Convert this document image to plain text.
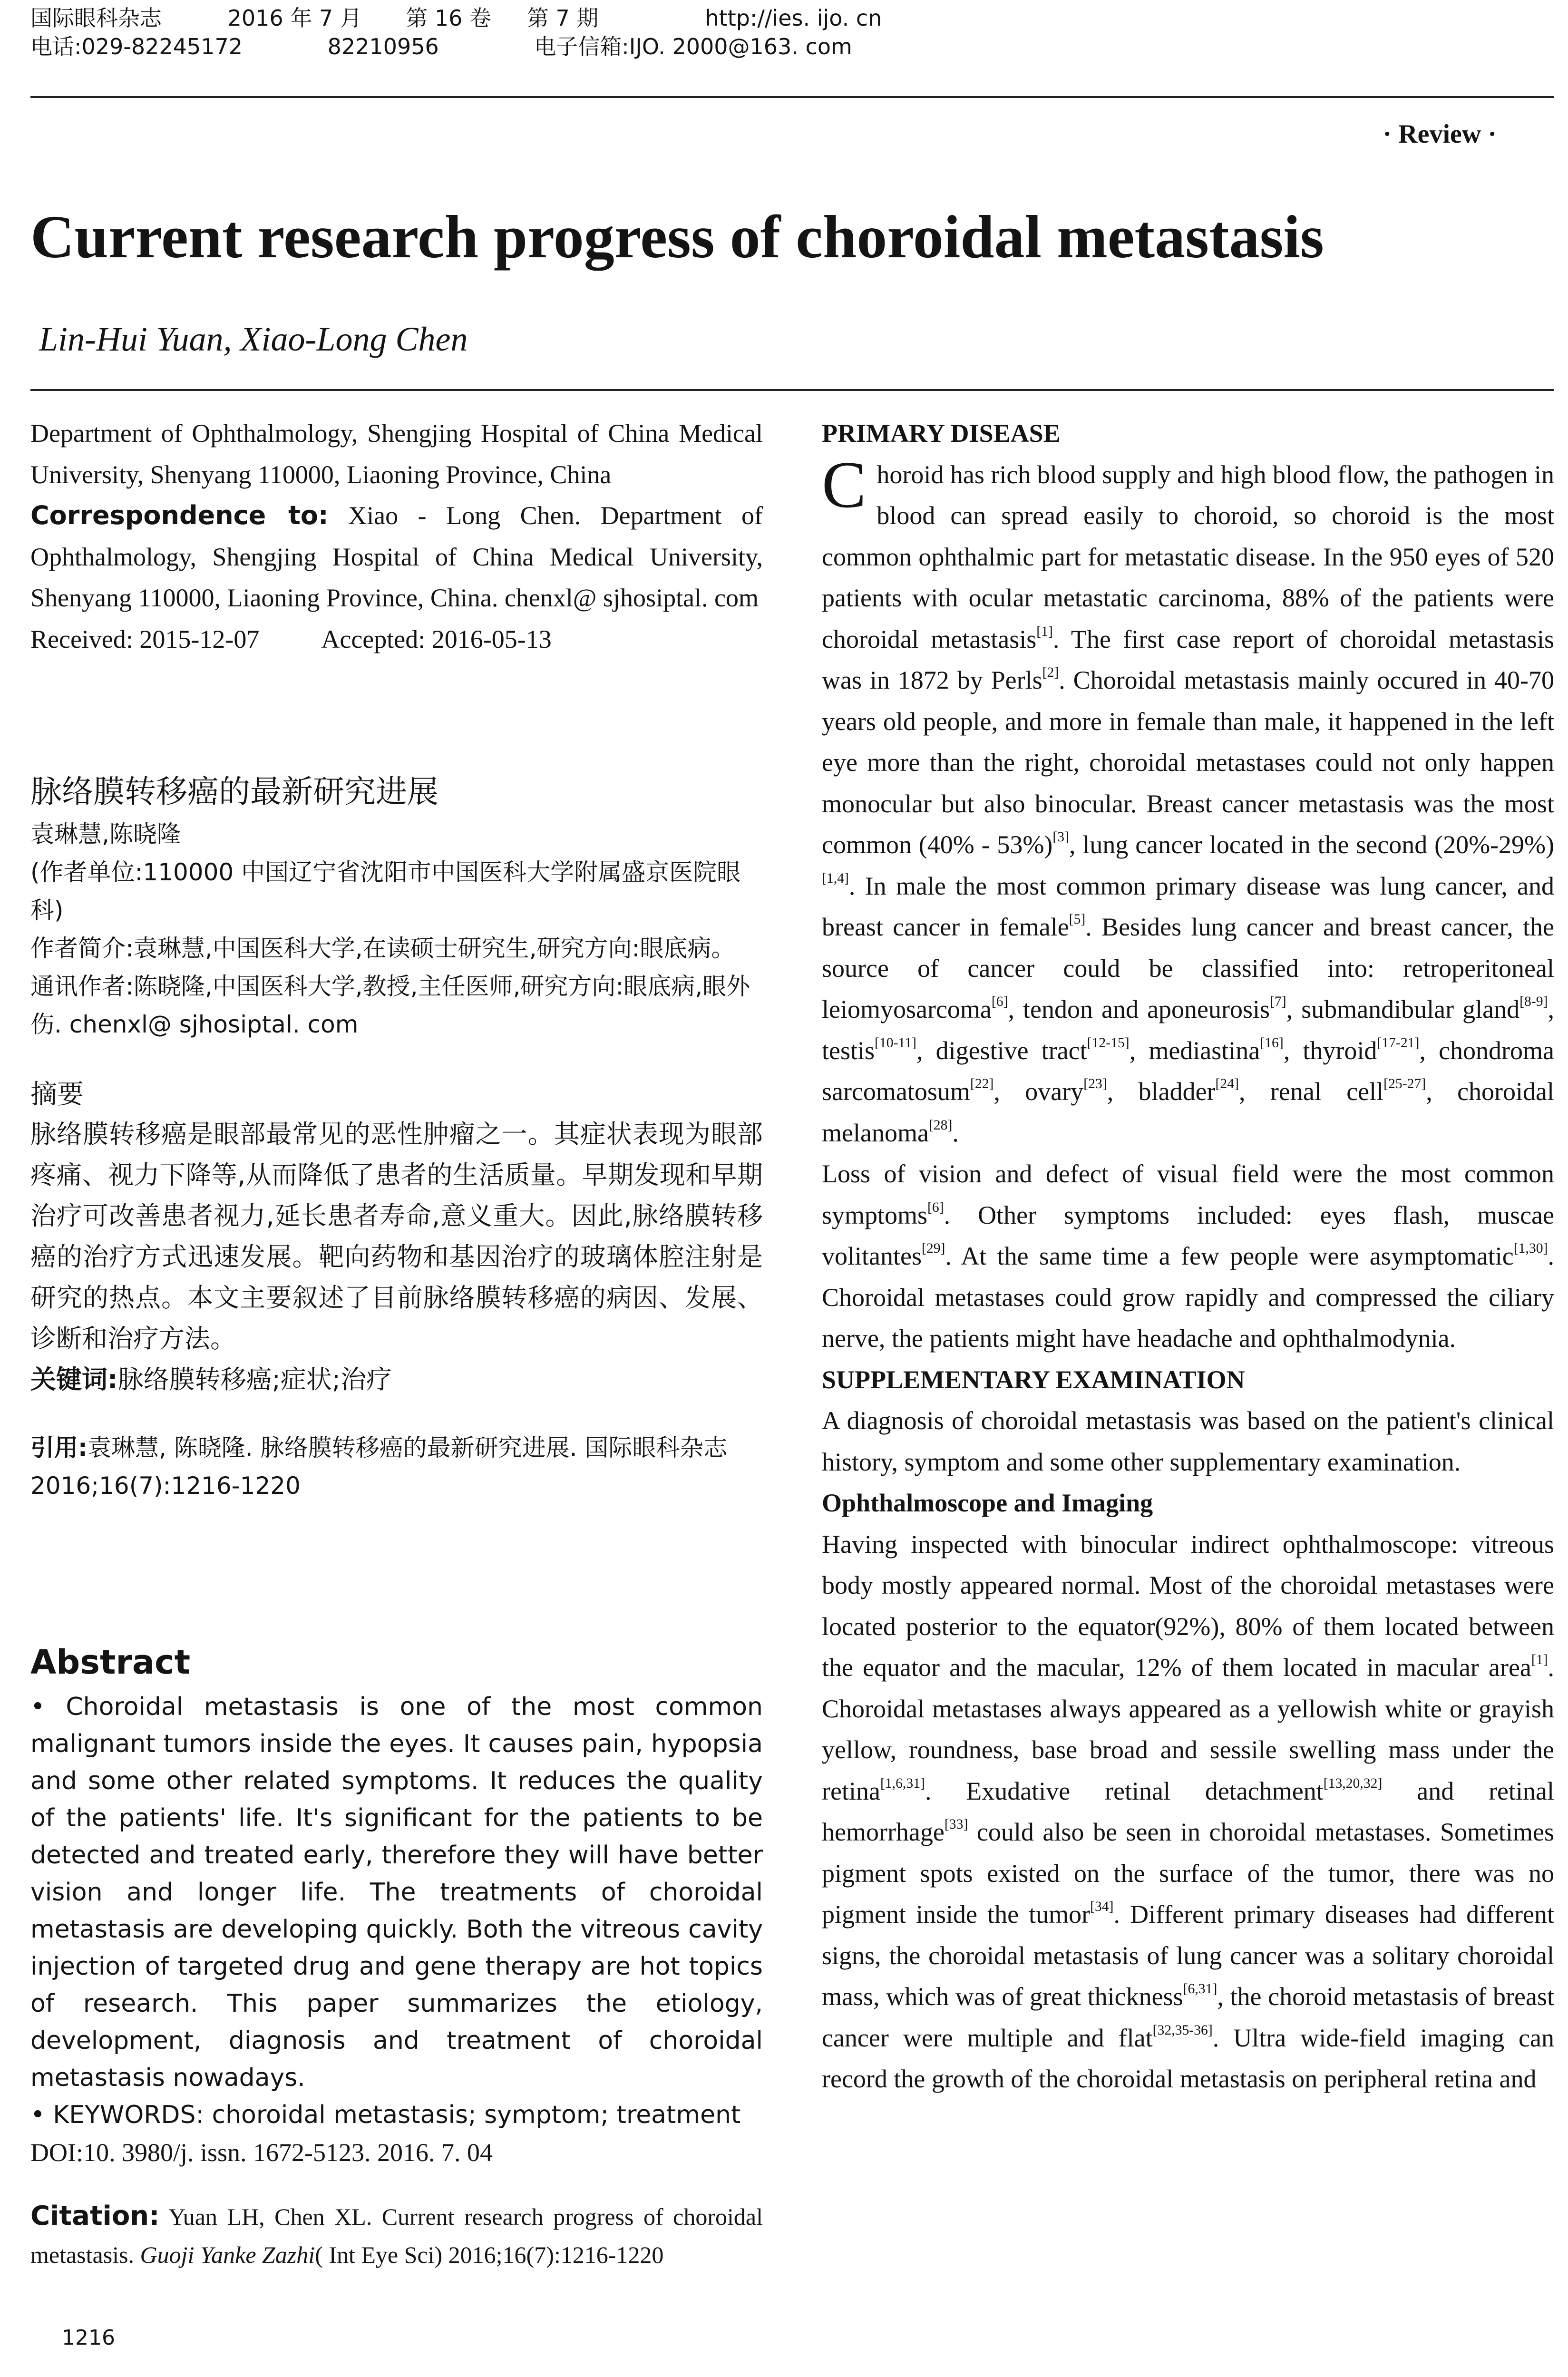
国际眼科杂志	2016 年 7 月 第 16 卷 第 7 期	http://ies. ijo. cn
电话:029-82245172	82210956	电子信箱:IJO. 2000@163. com
· Review ·
Current research progress of choroidal metastasis
Lin-Hui Yuan, Xiao-Long Chen

Department of Ophthalmology, Shengjing Hospital of China Medical University, Shenyang 110000, Liaoning Province, China

Correspondence to: Xiao - Long Chen. Department of Ophthalmology, Shengjing Hospital of China Medical University, Shenyang 110000, Liaoning Province, China. chenxl@ sjhosiptal. com

Received: 2015-12-07 Accepted: 2016-05-13

脉络膜转移癌的最新研究进展

袁琳慧,陈晓隆

(作者单位:110000 中国辽宁省沈阳市中国医科大学附属盛京医院眼科)

作者简介:袁琳慧,中国医科大学,在读硕士研究生,研究方向:眼底病。

通讯作者:陈晓隆,中国医科大学,教授,主任医师,研究方向:眼底病,眼外伤. chenxl@ sjhosiptal. com

摘要

脉络膜转移癌是眼部最常见的恶性肿瘤之一。其症状表现为眼部疼痛、视力下降等,从而降低了患者的生活质量。早期发现和早期治疗可改善患者视力,延长患者寿命,意义重大。因此,脉络膜转移癌的治疗方式迅速发展。靶向药物和基因治疗的玻璃体腔注射是研究的热点。本文主要叙述了目前脉络膜转移癌的病因、发展、诊断和治疗方法。

关键词:脉络膜转移癌;症状;治疗

引用:袁琳慧, 陈晓隆. 脉络膜转移癌的最新研究进展. 国际眼科杂志 2016;16(7):1216-1220

Abstract
• Choroidal metastasis is one of the most common malignant tumors inside the eyes. It causes pain, hypopsia and some other related symptoms. It reduces the quality of the patients' life. It's significant for the patients to be detected and treated early, therefore they will have better vision and longer life. The treatments of choroidal metastasis are developing quickly. Both the vitreous cavity injection of targeted drug and gene therapy are hot topics of research. This paper summarizes the etiology, development, diagnosis and treatment of choroidal metastasis nowadays.
• KEYWORDS: choroidal metastasis; symptom; treatment
DOI:10. 3980/j. issn. 1672-5123. 2016. 7. 04
Citation: Yuan LH, Chen XL. Current research progress of choroidal metastasis. Guoji Yanke Zazhi( Int Eye Sci) 2016;16(7):1216-1220
1216

PRIMARY DISEASE

Choroid has rich blood supply and high blood flow, the pathogen in blood can spread easily to choroid, so choroid is the most common ophthalmic part for metastatic disease. In the 950 eyes of 520 patients with ocular metastatic carcinoma, 88% of the patients were choroidal metastasis[1]. The first case report of choroidal metastasis was in 1872 by Perls[2]. Choroidal metastasis mainly occured in 40-70 years old people, and more in female than male, it happened in the left eye more than the right, choroidal metastases could not only happen monocular but also binocular. Breast cancer metastasis was the most common (40% - 53%)[3], lung cancer located in the second (20%-29%)[1,4]. In male the most common primary disease was lung cancer, and breast cancer in female[5]. Besides lung cancer and breast cancer, the source of cancer could be classified into: retroperitoneal leiomyosarcoma[6], tendon and aponeurosis[7], submandibular gland[8-9], testis[10-11], digestive tract[12-15], mediastina[16], thyroid[17-21], chondroma sarcomatosum[22], ovary[23], bladder[24], renal cell[25-27], choroidal melanoma[28].

Loss of vision and defect of visual field were the most common symptoms[6]. Other symptoms included: eyes flash, muscae volitantes[29]. At the same time a few people were asymptomatic[1,30]. Choroidal metastases could grow rapidly and compressed the ciliary nerve, the patients might have headache and ophthalmodynia.

SUPPLEMENTARY EXAMINATION

A diagnosis of choroidal metastasis was based on the patient's clinical history, symptom and some other supplementary examination.

Ophthalmoscope and Imaging

Having inspected with binocular indirect ophthalmoscope: vitreous body mostly appeared normal. Most of the choroidal metastases were located posterior to the equator(92%), 80% of them located between the equator and the macular, 12% of them located in macular area[1]. Choroidal metastases always appeared as a yellowish white or grayish yellow, roundness, base broad and sessile swelling mass under the retina[1,6,31]. Exudative retinal detachment[13,20,32] and retinal hemorrhage[33] could also be seen in choroidal metastases. Sometimes pigment spots existed on the surface of the tumor, there was no pigment inside the tumor[34]. Different primary diseases had different signs, the choroidal metastasis of lung cancer was a solitary choroidal mass, which was of great thickness[6,31], the choroid metastasis of breast cancer were multiple and flat[32,35-36]. Ultra wide-field imaging can record the growth of the choroidal metastasis on peripheral retina and
